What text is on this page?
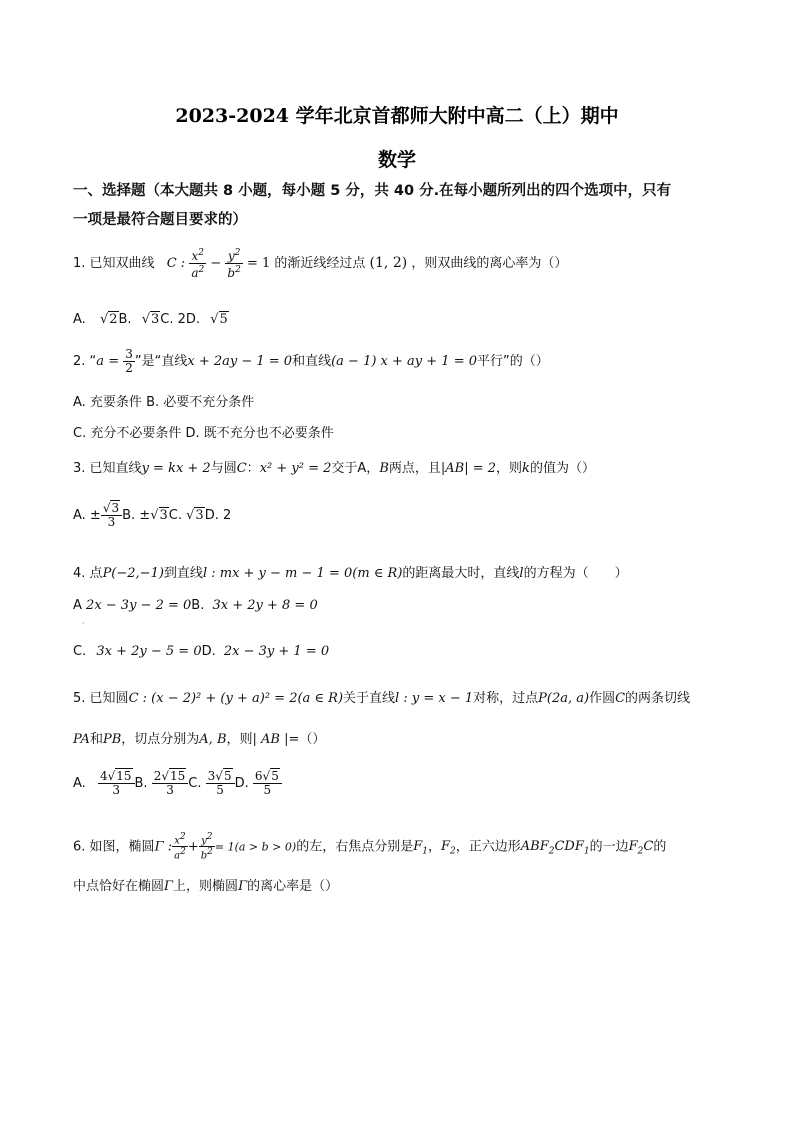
2023-2024 学年北京首都师大附中高二（上）期中
数学
一、选择题（本大题共 8 小题，每小题 5 分，共 40 分.在每小题所列出的四个选项中，只有
一项是最符合题目要求的）
1. 已知双曲线 C : $\frac{x^2}{a^2} - \frac{y^2}{b^2} = 1$ 的渐近线经过点 (1, 2) ，则双曲线的离心率为（）
A. √2B. √3C. 2D. √5
2. “$a = \frac{3}{2}$ ”是“直线x + 2ay − 1 = 0和直线(a − 1) x + ay + 1 = 0平行”的（）
A. 充要条件 B. 必要不充分条件
C. 充分不必要条件 D. 既不充分也不必要条件
3. 已知直线y = kx + 2与圆C：x² + y² = 2交于A，B两点，且|AB| = 2，则k的值为（）
A. ± $\frac{√3}{3} B$. ±√3C. √3D. 2
4. 点P(−2,−1)到直线l : mx + y − m − 1 = 0(m ∈ R)的距离最大时，直线l的方程为（　　）
A 2x − 3y − 2 = 0B. 3x + 2y + 8 = 0
·
C. 3x + 2y − 5 = 0D. 2x − 3y + 1 = 0
5. 已知圆C : (x − 2)² + (y + a)² = 2(a ∈ R)关于直线l : y = x − 1对称，过点P(2a, a)作圆C的两条切线
PA和PB，切点分别为A, B，则| AB |=（）
A. $\frac{4√15}{3} B$. $\frac{2√15}{3} C$. $\frac{3√5}{5} D$. $\frac{6√5}{5}$
6. 如图，椭圆Γ : $\frac{x^2}{a^2} + \frac{y^2}{b^2} = 1(a > b > 0)$的左，右焦点分别是$F_1$，$F_2$，正六边形$ABF_2CDF_1$的一边$F_2C$的
中点恰好在椭圆Γ上，则椭圆Γ的离心率是（）
